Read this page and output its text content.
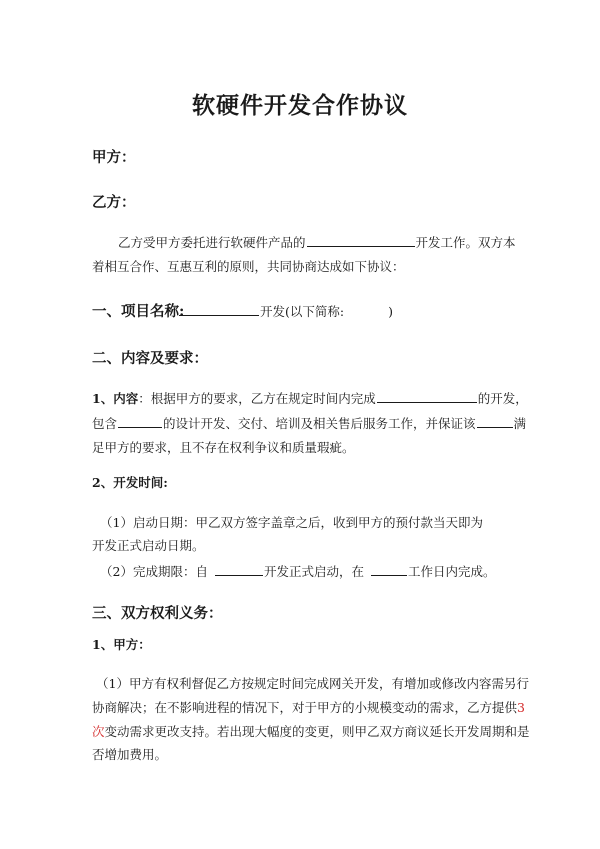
软硬件开发合作协议
甲方：
乙方：
乙方受甲方委托进行软硬件产品的	开发工作。双方本
着相互合作、互惠互利的原则，共同协商达成如下协议：
一、项目名称:	开发(以下简称:	)
二、内容及要求：
1、内容：根据甲方的要求，乙方在规定时间内完成	的开发，
包含	的设计开发、交付、培训及相关售后服务工作，并保证该	满
足甲方的要求，且不存在权利争议和质量瑕疵。
2、开发时间:
（1）启动日期：甲乙双方签字盖章之后，收到甲方的预付款当天即为
开发正式启动日期。
（2）完成期限：自	开发正式启动，在	工作日内完成。
三、双方权利义务：
1、甲方：
（1）甲方有权利督促乙方按规定时间完成网关开发，有增加或修改内容需另行
协商解决；在不影响进程的情况下，对于甲方的小规模变动的需求，乙方提供3
次变动需求更改支持。若出现大幅度的变更，则甲乙双方商议延长开发周期和是
否增加费用。
